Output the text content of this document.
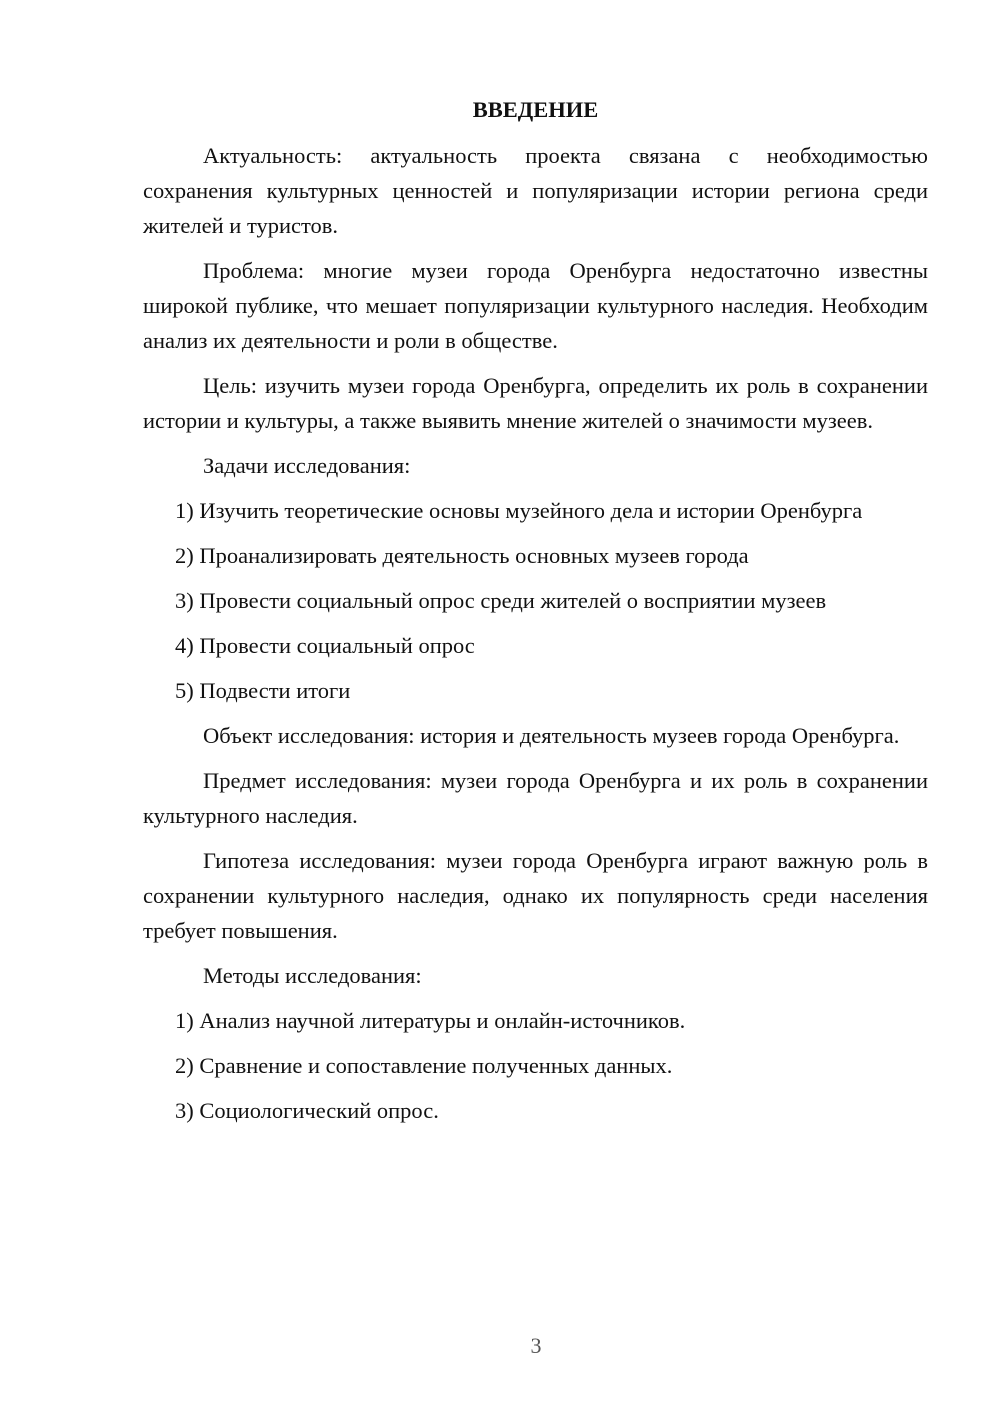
ВВЕДЕНИЕ
Актуальность: актуальность проекта связана с необходимостью сохранения культурных ценностей и популяризации истории региона среди жителей и туристов.
Проблема: многие музеи города Оренбурга недостаточно известны широкой публике, что мешает популяризации культурного наследия. Необходим анализ их деятельности и роли в обществе.
Цель: изучить музеи города Оренбурга, определить их роль в сохранении истории и культуры, а также выявить мнение жителей о значимости музеев.
Задачи исследования:
1) Изучить теоретические основы музейного дела и истории Оренбурга
2) Проанализировать деятельность основных музеев города
3) Провести социальный опрос среди жителей о восприятии музеев
4) Провести социальный опрос
5) Подвести итоги
Объект исследования: история и деятельность музеев города Оренбурга.
Предмет исследования: музеи города Оренбурга и их роль в сохранении культурного наследия.
Гипотеза исследования: музеи города Оренбурга играют важную роль в сохранении культурного наследия, однако их популярность среди населения требует повышения.
Методы исследования:
1) Анализ научной литературы и онлайн-источников.
2) Сравнение и сопоставление полученных данных.
3) Социологический опрос.
3
